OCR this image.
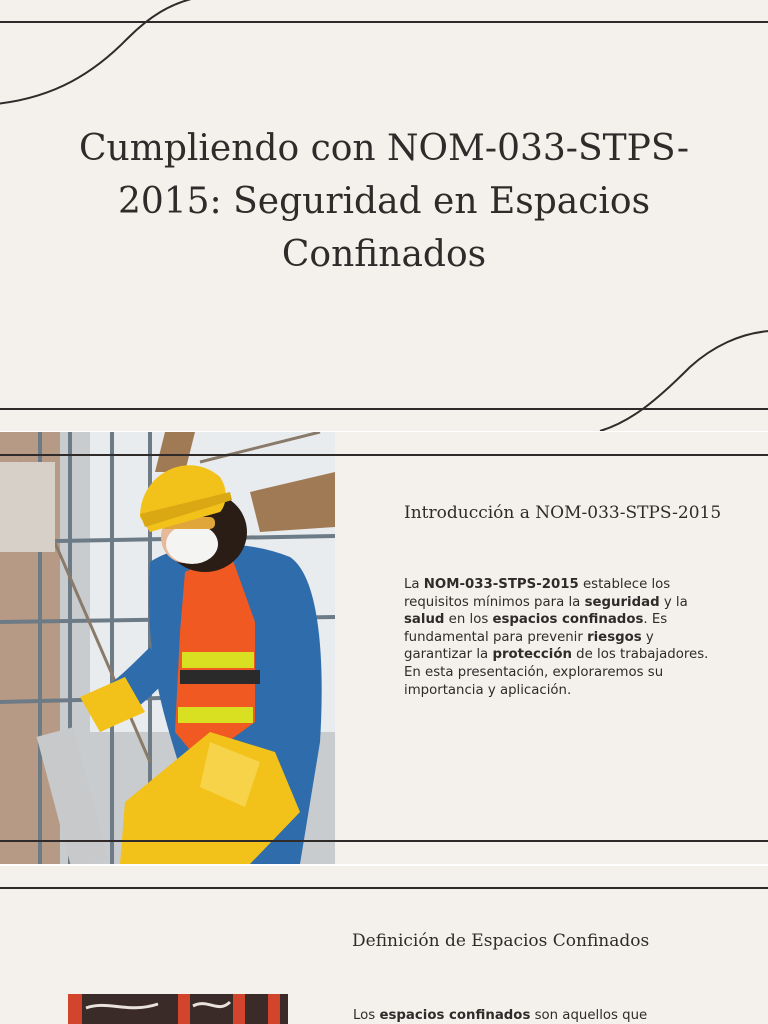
Cumpliendo con NOM-033-STPS-2015: Seguridad en Espacios Confinados
Introducción a NOM-033-STPS-2015

La NOM-033-STPS-2015 establece los requisitos mínimos para la seguridad y la salud en los espacios confinados. Es fundamental para prevenir riesgos y garantizar la protección de los trabajadores. En esta presentación, exploraremos su importancia y aplicación.

Definición de Espacios Confinados

Los espacios confinados son aquellos que
